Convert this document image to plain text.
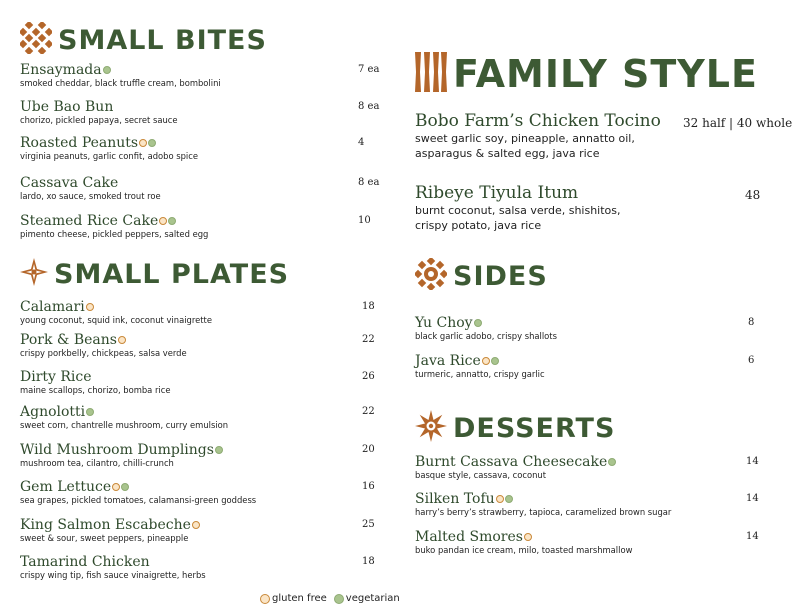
SMALL BITES
Ensaymada
smoked cheddar, black truffle cream, bombolini
7 ea
Ube Bao Bun
chorizo, pickled papaya, secret sauce
8 ea
Roasted Peanuts
virginia peanuts, garlic confit, adobo spice
4
Cassava Cake
lardo, xo sauce, smoked trout roe
8 ea
Steamed Rice Cake
pimento cheese, pickled peppers, salted egg
10
SMALL PLATES
Calamari
young coconut, squid ink, coconut vinaigrette
18
Pork & Beans
crispy porkbelly, chickpeas, salsa verde
22
Dirty Rice
maine scallops, chorizo, bomba rice
26
Agnolotti
sweet corn, chantrelle mushroom, curry emulsion
22
Wild Mushroom Dumplings
mushroom tea, cilantro, chilli-crunch
20
Gem Lettuce
sea grapes, pickled tomatoes, calamansi-green goddess
16
King Salmon Escabeche
sweet & sour, sweet peppers, pineapple
25
Tamarind Chicken
crispy wing tip, fish sauce vinaigrette, herbs
18
FAMILY STYLE
Bobo Farm’s Chicken Tocino
sweet garlic soy, pineapple, annatto oil, asparagus & salted egg, java rice
32 half | 40 whole
Ribeye Tiyula Itum
burnt coconut, salsa verde, shishitos, crispy potato, java rice
48
SIDES
Yu Choy
black garlic adobo, crispy shallots
8
Java Rice
turmeric, annatto, crispy garlic
6
DESSERTS
Burnt Cassava Cheesecake
basque style, cassava, coconut
14
Silken Tofu
harry’s berry’s strawberry, tapioca, caramelized brown sugar
14
Malted Smores
buko pandan ice cream, milo, toasted marshmallow
14
gluten free vegetarian
